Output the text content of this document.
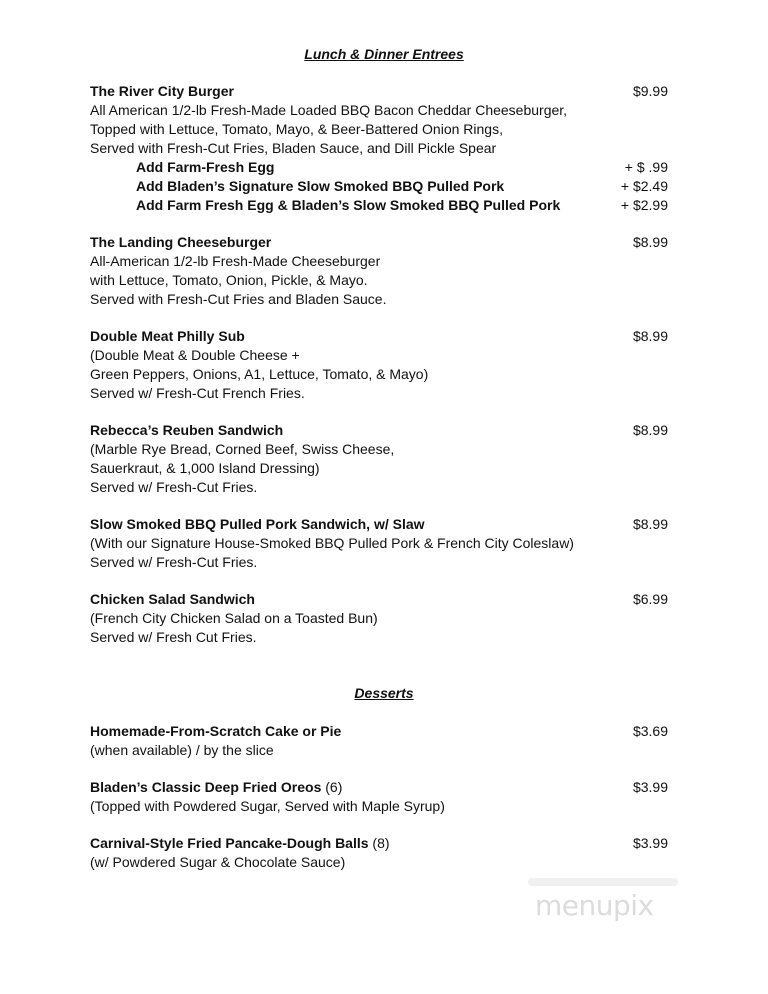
Lunch & Dinner Entrees
The River City Burger	$9.99
All American 1/2-lb Fresh-Made Loaded BBQ Bacon Cheddar Cheeseburger,
Topped with Lettuce, Tomato, Mayo, & Beer-Battered Onion Rings,
Served with Fresh-Cut Fries, Bladen Sauce, and Dill Pickle Spear
Add Farm-Fresh Egg	+ $ .99
Add Bladen’s Signature Slow Smoked BBQ Pulled Pork	+ $2.49
Add Farm Fresh Egg & Bladen’s Slow Smoked BBQ Pulled Pork	+ $2.99
The Landing Cheeseburger	$8.99
All-American 1/2-lb Fresh-Made Cheeseburger
with Lettuce, Tomato, Onion, Pickle, & Mayo.
Served with Fresh-Cut Fries and Bladen Sauce.
Double Meat Philly Sub	$8.99
(Double Meat & Double Cheese +
Green Peppers, Onions, A1, Lettuce, Tomato, & Mayo)
Served w/ Fresh-Cut French Fries.
Rebecca’s Reuben Sandwich	$8.99
(Marble Rye Bread, Corned Beef, Swiss Cheese,
Sauerkraut, & 1,000 Island Dressing)
Served w/ Fresh-Cut Fries.
Slow Smoked BBQ Pulled Pork Sandwich, w/ Slaw	$8.99
(With our Signature House-Smoked BBQ Pulled Pork & French City Coleslaw)
Served w/ Fresh-Cut Fries.
Chicken Salad Sandwich	$6.99
(French City Chicken Salad on a Toasted Bun)
Served w/ Fresh Cut Fries.
Desserts
Homemade-From-Scratch Cake or Pie	$3.69
(when available) / by the slice
Bladen’s Classic Deep Fried Oreos (6)	$3.99
(Topped with Powdered Sugar, Served with Maple Syrup)
Carnival-Style Fried Pancake-Dough Balls (8)	$3.99
(w/ Powdered Sugar & Chocolate Sauce)
menupix
